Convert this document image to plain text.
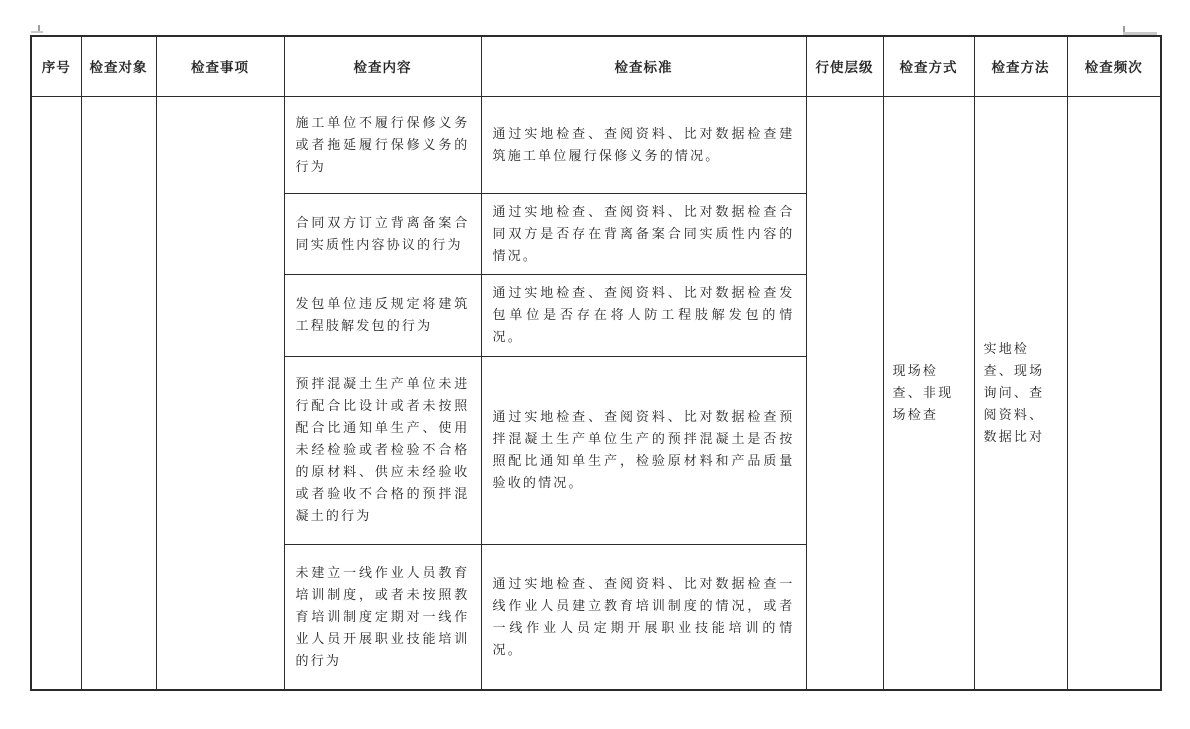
序号	检查对象	检查事项	检查内容	检查标准	行使层级	检查方式	检查方法	检查频次
			施工单位不履行保修义务或者拖延履行保修义务的行为	通过实地检查、查阅资料、比对数据检查建筑施工单位履行保修义务的情况。		现场检查、非现场检查	实地检查、现场询问、查阅资料、数据比对	
			合同双方订立背离备案合同实质性内容协议的行为	通过实地检查、查阅资料、比对数据检查合同双方是否存在背离备案合同实质性内容的情况。				
			发包单位违反规定将建筑工程肢解发包的行为	通过实地检查、查阅资料、比对数据检查发包单位是否存在将人防工程肢解发包的情况。				
			预拌混凝土生产单位未进行配合比设计或者未按照配合比通知单生产、使用未经检验或者检验不合格的原材料、供应未经验收或者验收不合格的预拌混凝土的行为	通过实地检查、查阅资料、比对数据检查预拌混凝土生产单位生产的预拌混凝土是否按照配比通知单生产，检验原材料和产品质量验收的情况。				
			未建立一线作业人员教育培训制度，或者未按照教育培训制度定期对一线作业人员开展职业技能培训的行为	通过实地检查、查阅资料、比对数据检查一线作业人员建立教育培训制度的情况，或者一线作业人员定期开展职业技能培训的情况。				
